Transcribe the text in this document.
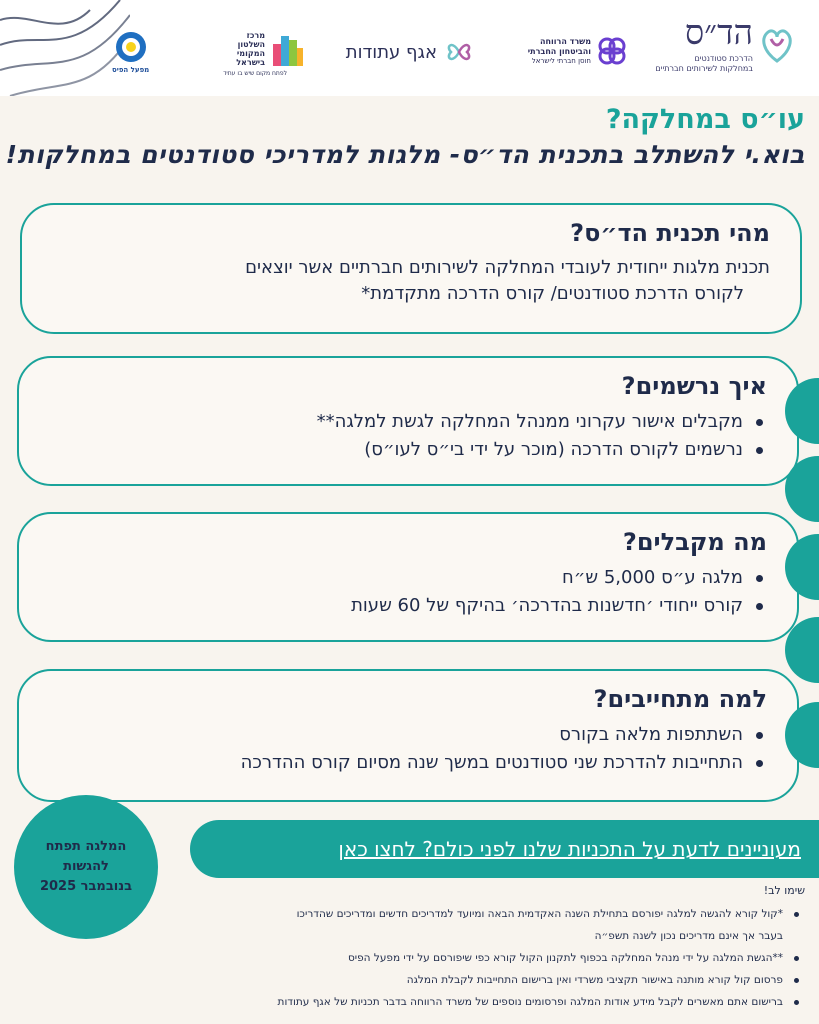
הד״ס
הדרכת סטודנטים
במחלקות לשירותים חברתיים
משרד הרווחה
והביטחון החברתי
חוסן חברתי לישראל
אגף עתודות
מרכז
השלטון
המקומי
בישראל
לפתח מקום שיש בו עתיד
מפעל הפיס
עו״ס במחלקה?
בוא.י להשתלב בתכנית הד״ס- מלגות למדריכי סטודנטים במחלקות!
מהי תכנית הד״ס?

תכנית מלגות ייחודית לעובדי המחלקה לשירותים חברתיים אשר יוצאים

לקורס הדרכת סטודנטים/ קורס הדרכה מתקדמת*

איך נרשמים?
מקבלים אישור עקרוני ממנהל המחלקה לגשת למלגה**
נרשמים לקורס הדרכה (מוכר על ידי בי״ס לעו״ס)
מה מקבלים?
מלגה ע״ס 5,000 ש״ח
קורס ייחודי ׳חדשנות בהדרכה׳ בהיקף של 60 שעות
למה מתחייבים?
השתתפות מלאה בקורס
התחייבות להדרכת שני סטודנטים במשך שנה מסיום קורס ההדרכה
המלגה תפתח
להגשות
בנובמבר 2025
מעוניינים לדעת על התכניות שלנו לפני כולם? לחצו כאן
שימו לב!
*קול קורא להגשה למלגה יפורסם בתחילת השנה האקדמית הבאה ומיועד למדריכים חדשים ומדריכים שהדריכו
בעבר אך אינם מדריכים נכון לשנה תשפ״ה
**הגשת המלגה על ידי מנהל המחלקה בכפוף לתקנון הקול קורא כפי שיפורסם על ידי מפעל הפיס
פרסום קול קורא מותנה באישור תקציבי משרדי ואין ברישום התחייבות לקבלת המלגה
ברישום אתם מאשרים לקבל מידע אודות המלגה ופרסומים נוספים של משרד הרווחה בדבר תכניות של אגף עתודות
